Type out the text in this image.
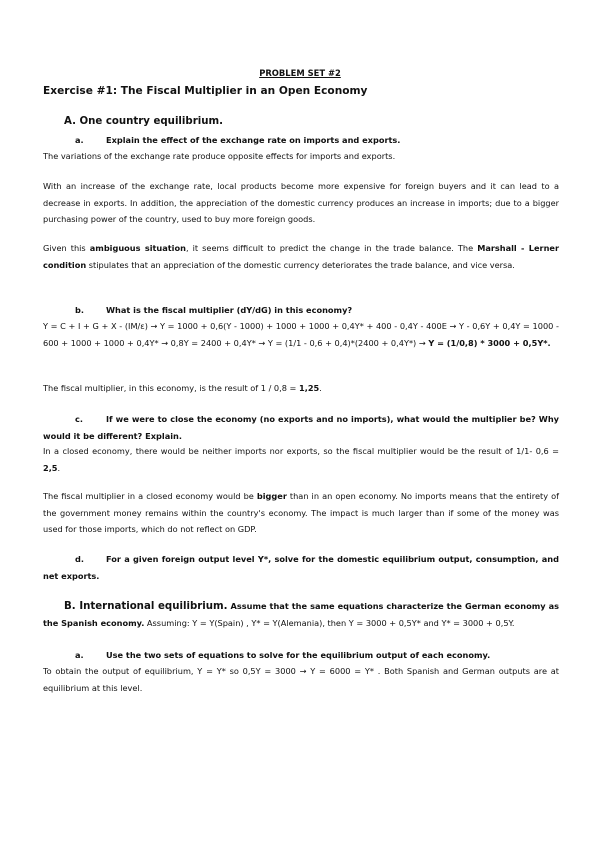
PROBLEM SET #2
Exercise #1: The Fiscal Multiplier in an Open Economy
A. One country equilibrium.
a.	Explain the effect of the exchange rate on imports and exports.
The variations of the exchange rate produce opposite effects for imports and exports.
With an increase of the exchange rate, local products become more expensive for foreign buyers and it can lead to a decrease in exports. In addition, the appreciation of the domestic currency produces an increase in imports; due to a bigger purchasing power of the country, used to buy more foreign goods.
Given this ambiguous situation, it seems difficult to predict the change in the trade balance. The Marshall - Lerner condition stipulates that an appreciation of the domestic currency deteriorates the trade balance, and vice versa.
b.	What is the fiscal multiplier (dY/dG) in this economy?
Y = C + I + G + X - (IM/ε) → Y = 1000 + 0,6(Y - 1000) + 1000 + 1000 + 0,4Y* + 400 - 0,4Y - 400E → Y - 0,6Y + 0,4Y = 1000 - 600 + 1000 + 1000 + 0,4Y* → 0,8Y = 2400 + 0,4Y* → Y = (1/1 - 0,6 + 0,4)*(2400 + 0,4Y*) → Y = (1/0,8) * 3000 + 0,5Y*.
The fiscal multiplier, in this economy, is the result of 1 / 0,8 = 1,25.
c.	If we were to close the economy (no exports and no imports), what would the multiplier be? Why would it be different? Explain.
In a closed economy, there would be neither imports nor exports, so the fiscal multiplier would be the result of 1/1- 0,6 = 2,5.
The fiscal multiplier in a closed economy would be bigger than in an open economy. No imports means that the entirety of the government money remains within the country's economy. The impact is much larger than if some of the money was used for those imports, which do not reflect on GDP.
d.	For a given foreign output level Y*, solve for the domestic equilibrium output, consumption, and net exports.
B. International equilibrium. Assume that the same equations characterize the German economy as the Spanish economy. Assuming: Y = Y(Spain) , Y* = Y(Alemania), then Y = 3000 + 0,5Y* and Y* = 3000 + 0,5Y.
a.	Use the two sets of equations to solve for the equilibrium output of each economy.
To obtain the output of equilibrium, Y = Y* so 0,5Y = 3000 → Y = 6000 = Y* . Both Spanish and German outputs are at equilibrium at this level.
